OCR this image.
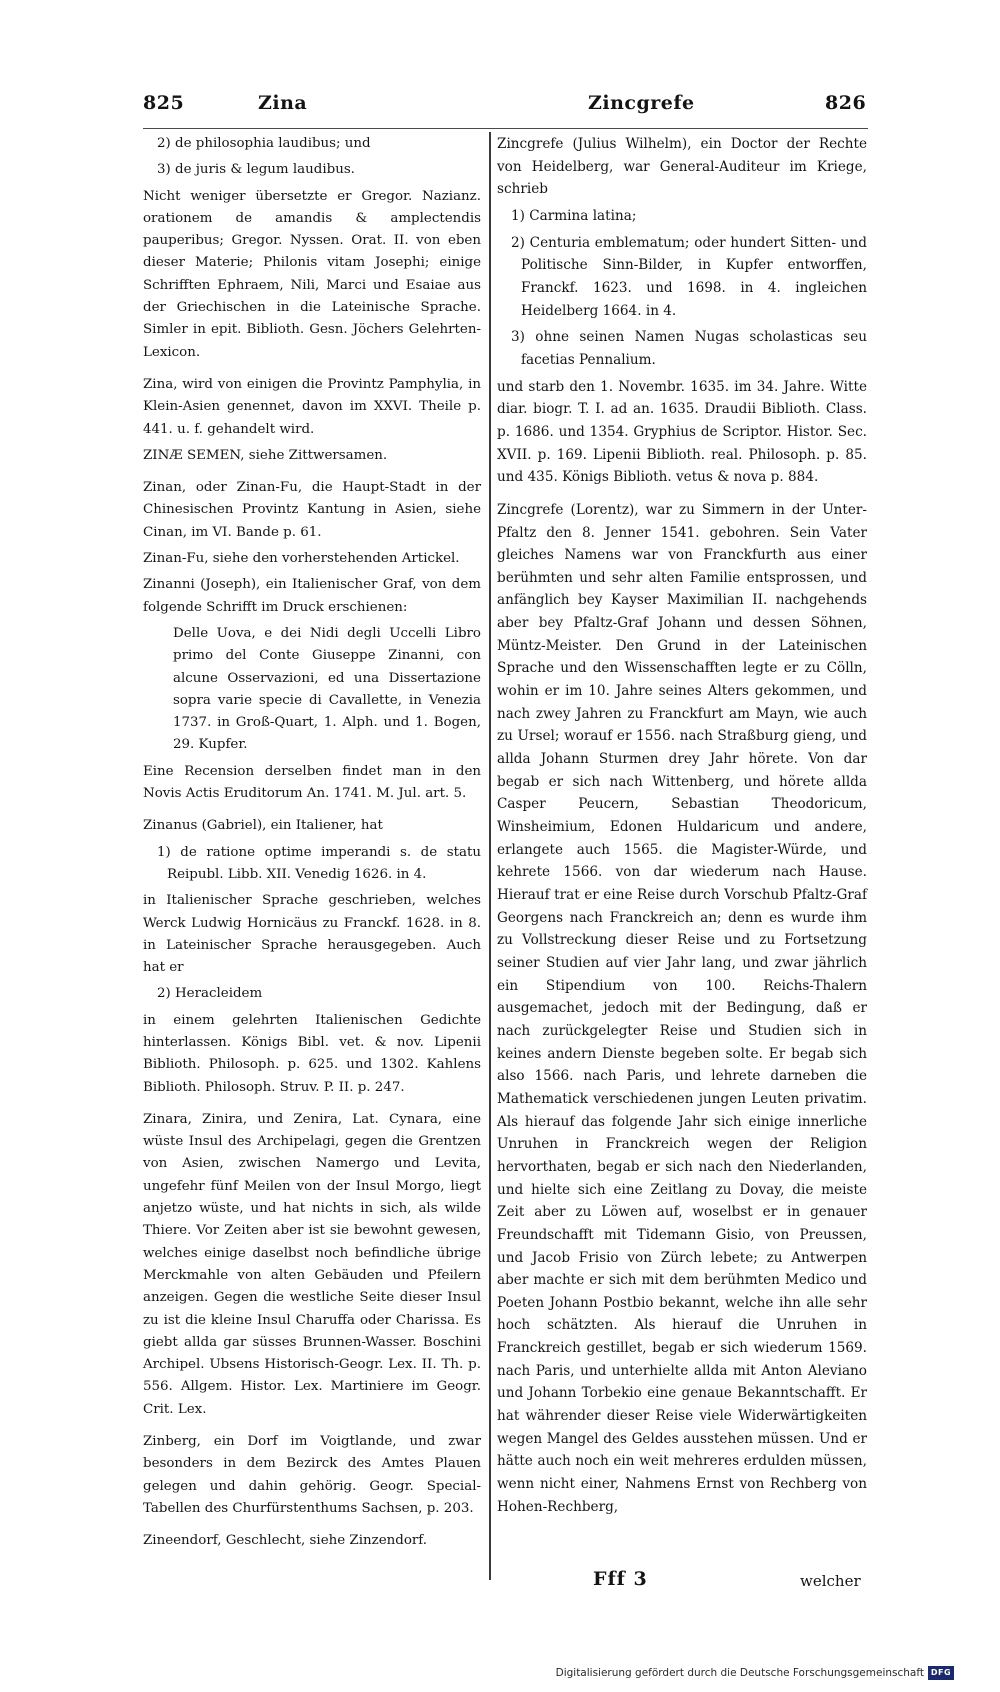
825	Zina	Zincgrefe	826

2) de philosophia laudibus; und

3) de juris & legum laudibus.

Nicht weniger übersetzte er Gregor. Nazianz. orationem de amandis & amplectendis pauperibus; Gregor. Nyssen. Orat. II. von eben dieser Materie; Philonis vitam Josephi; einige Schrifften Ephraem, Nili, Marci und Esaiae aus der Griechischen in die Lateinische Sprache. Simler in epit. Biblioth. Gesn. Jöchers Gelehrten-Lexicon.

Zina, wird von einigen die Provintz Pamphylia, in Klein-Asien genennet, davon im XXVI. Theile p. 441. u. f. gehandelt wird.

ZINÆ SEMEN, siehe Zittwersamen.

Zinan, oder Zinan-Fu, die Haupt-Stadt in der Chinesischen Provintz Kantung in Asien, siehe Cinan, im VI. Bande p. 61.

Zinan-Fu, siehe den vorherstehenden Artickel.

Zinanni (Joseph), ein Italienischer Graf, von dem folgende Schrifft im Druck erschienen:

Delle Uova, e dei Nidi degli Uccelli Libro primo del Conte Giuseppe Zinanni, con alcune Osservazioni, ed una Dissertazione sopra varie specie di Cavallette, in Venezia 1737. in Groß-Quart, 1. Alph. und 1. Bogen, 29. Kupfer.

Eine Recension derselben findet man in den Novis Actis Eruditorum An. 1741. M. Jul. art. 5.

Zinanus (Gabriel), ein Italiener, hat

1) de ratione optime imperandi s. de statu Reipubl. Libb. XII. Venedig 1626. in 4.

in Italienischer Sprache geschrieben, welches Werck Ludwig Hornicäus zu Franckf. 1628. in 8. in Lateinischer Sprache herausgegeben. Auch hat er

2) Heracleidem

in einem gelehrten Italienischen Gedichte hinterlassen. Königs Bibl. vet. & nov. Lipenii Biblioth. Philosoph. p. 625. und 1302. Kahlens Biblioth. Philosoph. Struv. P. II. p. 247.

Zinara, Zinira, und Zenira, Lat. Cynara, eine wüste Insul des Archipelagi, gegen die Grentzen von Asien, zwischen Namergo und Levita, ungefehr fünf Meilen von der Insul Morgo, liegt anjetzo wüste, und hat nichts in sich, als wilde Thiere. Vor Zeiten aber ist sie bewohnt gewesen, welches einige daselbst noch befindliche übrige Merckmahle von alten Gebäuden und Pfeilern anzeigen. Gegen die westliche Seite dieser Insul zu ist die kleine Insul Charuffa oder Charissa. Es giebt allda gar süsses Brunnen-Wasser. Boschini Archipel. Ubsens Historisch-Geogr. Lex. II. Th. p. 556. Allgem. Histor. Lex. Martiniere im Geogr. Crit. Lex.

Zinberg, ein Dorf im Voigtlande, und zwar besonders in dem Bezirck des Amtes Plauen gelegen und dahin gehörig. Geogr. Special-Tabellen des Churfürstenthums Sachsen, p. 203.

Zineendorf, Geschlecht, siehe Zinzendorf.

Zincgrefe (Julius Wilhelm), ein Doctor der Rechte von Heidelberg, war General-Auditeur im Kriege, schrieb

1) Carmina latina;

2) Centuria emblematum; oder hundert Sitten- und Politische Sinn-Bilder, in Kupfer entworffen, Franckf. 1623. und 1698. in 4. ingleichen Heidelberg 1664. in 4.

3) ohne seinen Namen Nugas scholasticas seu facetias Pennalium.

und starb den 1. Novembr. 1635. im 34. Jahre. Witte diar. biogr. T. I. ad an. 1635. Draudii Biblioth. Class. p. 1686. und 1354. Gryphius de Scriptor. Histor. Sec. XVII. p. 169. Lipenii Biblioth. real. Philosoph. p. 85. und 435. Königs Biblioth. vetus & nova p. 884.

Zincgrefe (Lorentz), war zu Simmern in der Unter-Pfaltz den 8. Jenner 1541. gebohren. Sein Vater gleiches Namens war von Franckfurth aus einer berühmten und sehr alten Familie entsprossen, und anfänglich bey Kayser Maximilian II. nachgehends aber bey Pfaltz-Graf Johann und dessen Söhnen, Müntz-Meister. Den Grund in der Lateinischen Sprache und den Wissenschafften legte er zu Cölln, wohin er im 10. Jahre seines Alters gekommen, und nach zwey Jahren zu Franckfurt am Mayn, wie auch zu Ursel; worauf er 1556. nach Straßburg gieng, und allda Johann Sturmen drey Jahr hörete. Von dar begab er sich nach Wittenberg, und hörete allda Casper Peucern, Sebastian Theodoricum, Winsheimium, Edonen Huldaricum und andere, erlangete auch 1565. die Magister-Würde, und kehrete 1566. von dar wiederum nach Hause. Hierauf trat er eine Reise durch Vorschub Pfaltz-Graf Georgens nach Franckreich an; denn es wurde ihm zu Vollstreckung dieser Reise und zu Fortsetzung seiner Studien auf vier Jahr lang, und zwar jährlich ein Stipendium von 100. Reichs-Thalern ausgemachet, jedoch mit der Bedingung, daß er nach zurückgelegter Reise und Studien sich in keines andern Dienste begeben solte. Er begab sich also 1566. nach Paris, und lehrete darneben die Mathematick verschiedenen jungen Leuten privatim. Als hierauf das folgende Jahr sich einige innerliche Unruhen in Franckreich wegen der Religion hervorthaten, begab er sich nach den Niederlanden, und hielte sich eine Zeitlang zu Dovay, die meiste Zeit aber zu Löwen auf, woselbst er in genauer Freundschafft mit Tidemann Gisio, von Preussen, und Jacob Frisio von Zürch lebete; zu Antwerpen aber machte er sich mit dem berühmten Medico und Poeten Johann Postbio bekannt, welche ihn alle sehr hoch schätzten. Als hierauf die Unruhen in Franckreich gestillet, begab er sich wiederum 1569. nach Paris, und unterhielte allda mit Anton Aleviano und Johann Torbekio eine genaue Bekanntschafft. Er hat währender dieser Reise viele Widerwärtigkeiten wegen Mangel des Geldes ausstehen müssen. Und er hätte auch noch ein weit mehreres erdulden müssen, wenn nicht einer, Nahmens Ernst von Rechberg von Hohen-Rechberg,

Fff 3	welcher
Digitalisierung gefördert durch die Deutsche Forschungsgemeinschaft DFG
